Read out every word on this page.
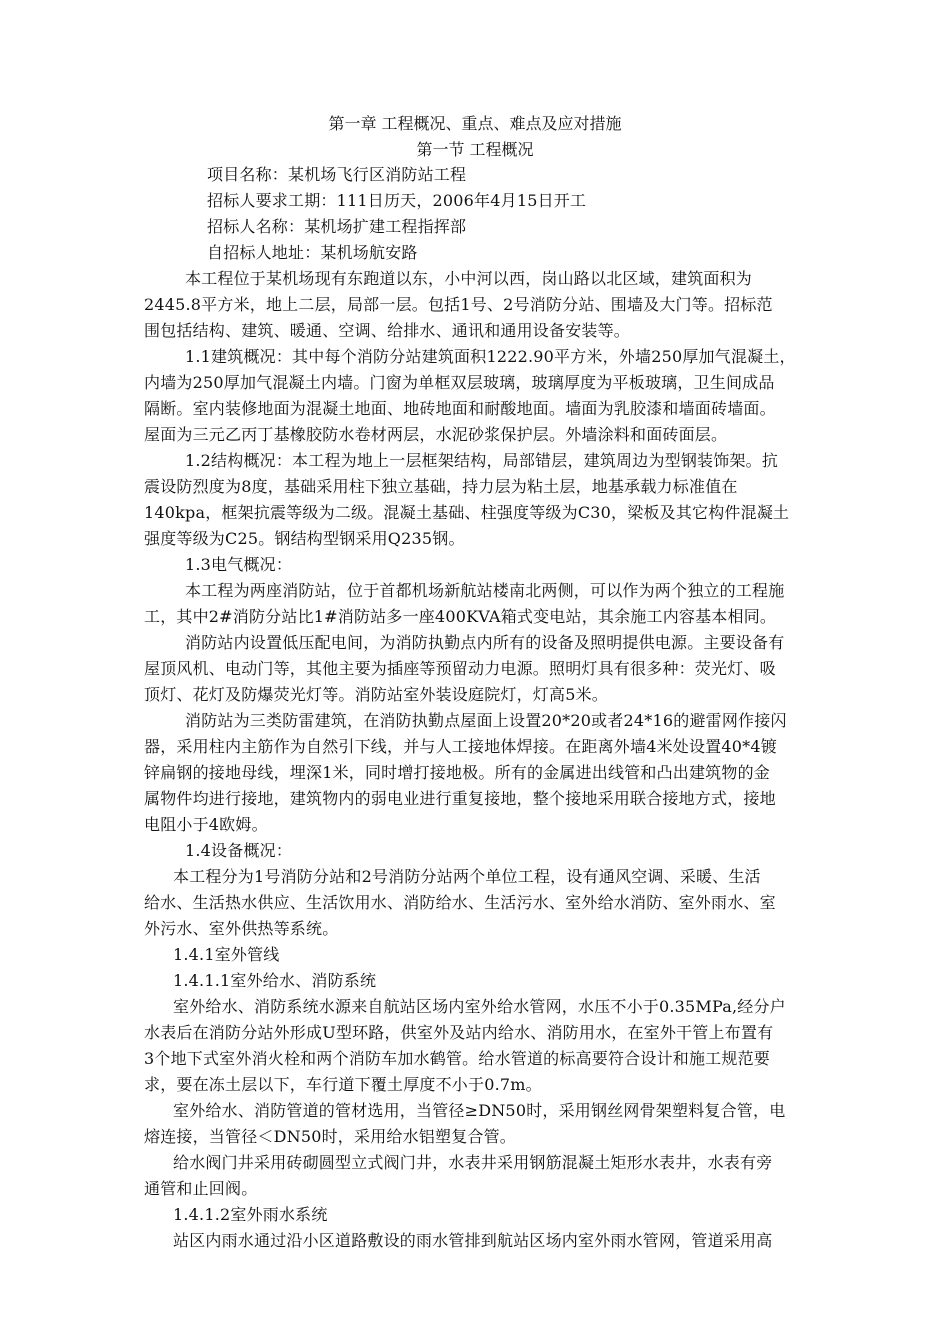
第一章 工程概况、重点、难点及应对措施
第一节 工程概况
项目名称：某机场飞行区消防站工程
招标人要求工期：111日历天，2006年4月15日开工
招标人名称：某机场扩建工程指挥部
自招标人地址：某机场航安路
本工程位于某机场现有东跑道以东，小中河以西，岗山路以北区域，建筑面积为
2445.8平方米，地上二层，局部一层。包括1号、2号消防分站、围墙及大门等。招标范
围包括结构、建筑、暖通、空调、给排水、通讯和通用设备安装等。
1.1建筑概况：其中每个消防分站建筑面积1222.90平方米，外墙250厚加气混凝土，
内墙为250厚加气混凝土内墙。门窗为单框双层玻璃，玻璃厚度为平板玻璃，卫生间成品
隔断。室内装修地面为混凝土地面、地砖地面和耐酸地面。墙面为乳胶漆和墙面砖墙面。
屋面为三元乙丙丁基橡胶防水卷材两层，水泥砂浆保护层。外墙涂料和面砖面层。
1.2结构概况：本工程为地上一层框架结构，局部错层，建筑周边为型钢装饰架。抗
震设防烈度为8度，基础采用柱下独立基础，持力层为粘土层，地基承载力标准值在
140kpa，框架抗震等级为二级。混凝土基础、柱强度等级为C30，梁板及其它构件混凝土
强度等级为C25。钢结构型钢采用Q235钢。
1.3电气概况：
本工程为两座消防站，位于首都机场新航站楼南北两侧，可以作为两个独立的工程施
工，其中2#消防分站比1#消防站多一座400KVA箱式变电站，其余施工内容基本相同。
消防站内设置低压配电间，为消防执勤点内所有的设备及照明提供电源。主要设备有
屋顶风机、电动门等，其他主要为插座等预留动力电源。照明灯具有很多种：荧光灯、吸
顶灯、花灯及防爆荧光灯等。消防站室外装设庭院灯，灯高5米。
消防站为三类防雷建筑，在消防执勤点屋面上设置20*20或者24*16的避雷网作接闪
器，采用柱内主筋作为自然引下线，并与人工接地体焊接。在距离外墙4米处设置40*4镀
锌扁钢的接地母线，埋深1米，同时增打接地极。所有的金属进出线管和凸出建筑物的金
属物件均进行接地，建筑物内的弱电业进行重复接地，整个接地采用联合接地方式，接地
电阻小于4欧姆。
1.4设备概况：
本工程分为1号消防分站和2号消防分站两个单位工程，设有通风空调、采暖、生活
给水、生活热水供应、生活饮用水、消防给水、生活污水、室外给水消防、室外雨水、室
外污水、室外供热等系统。
1.4.1室外管线
1.4.1.1室外给水、消防系统
室外给水、消防系统水源来自航站区场内室外给水管网，水压不小于0.35MPa,经分户
水表后在消防分站外形成U型环路，供室外及站内给水、消防用水，在室外干管上布置有
3个地下式室外消火栓和两个消防车加水鹤管。给水管道的标高要符合设计和施工规范要
求，要在冻土层以下，车行道下覆土厚度不小于0.7m。
室外给水、消防管道的管材选用，当管径≥DN50时，采用钢丝网骨架塑料复合管，电
熔连接，当管径＜DN50时，采用给水铝塑复合管。
给水阀门井采用砖砌圆型立式阀门井，水表井采用钢筋混凝土矩形水表井，水表有旁
通管和止回阀。
1.4.1.2室外雨水系统
站区内雨水通过沿小区道路敷设的雨水管排到航站区场内室外雨水管网，管道采用高
